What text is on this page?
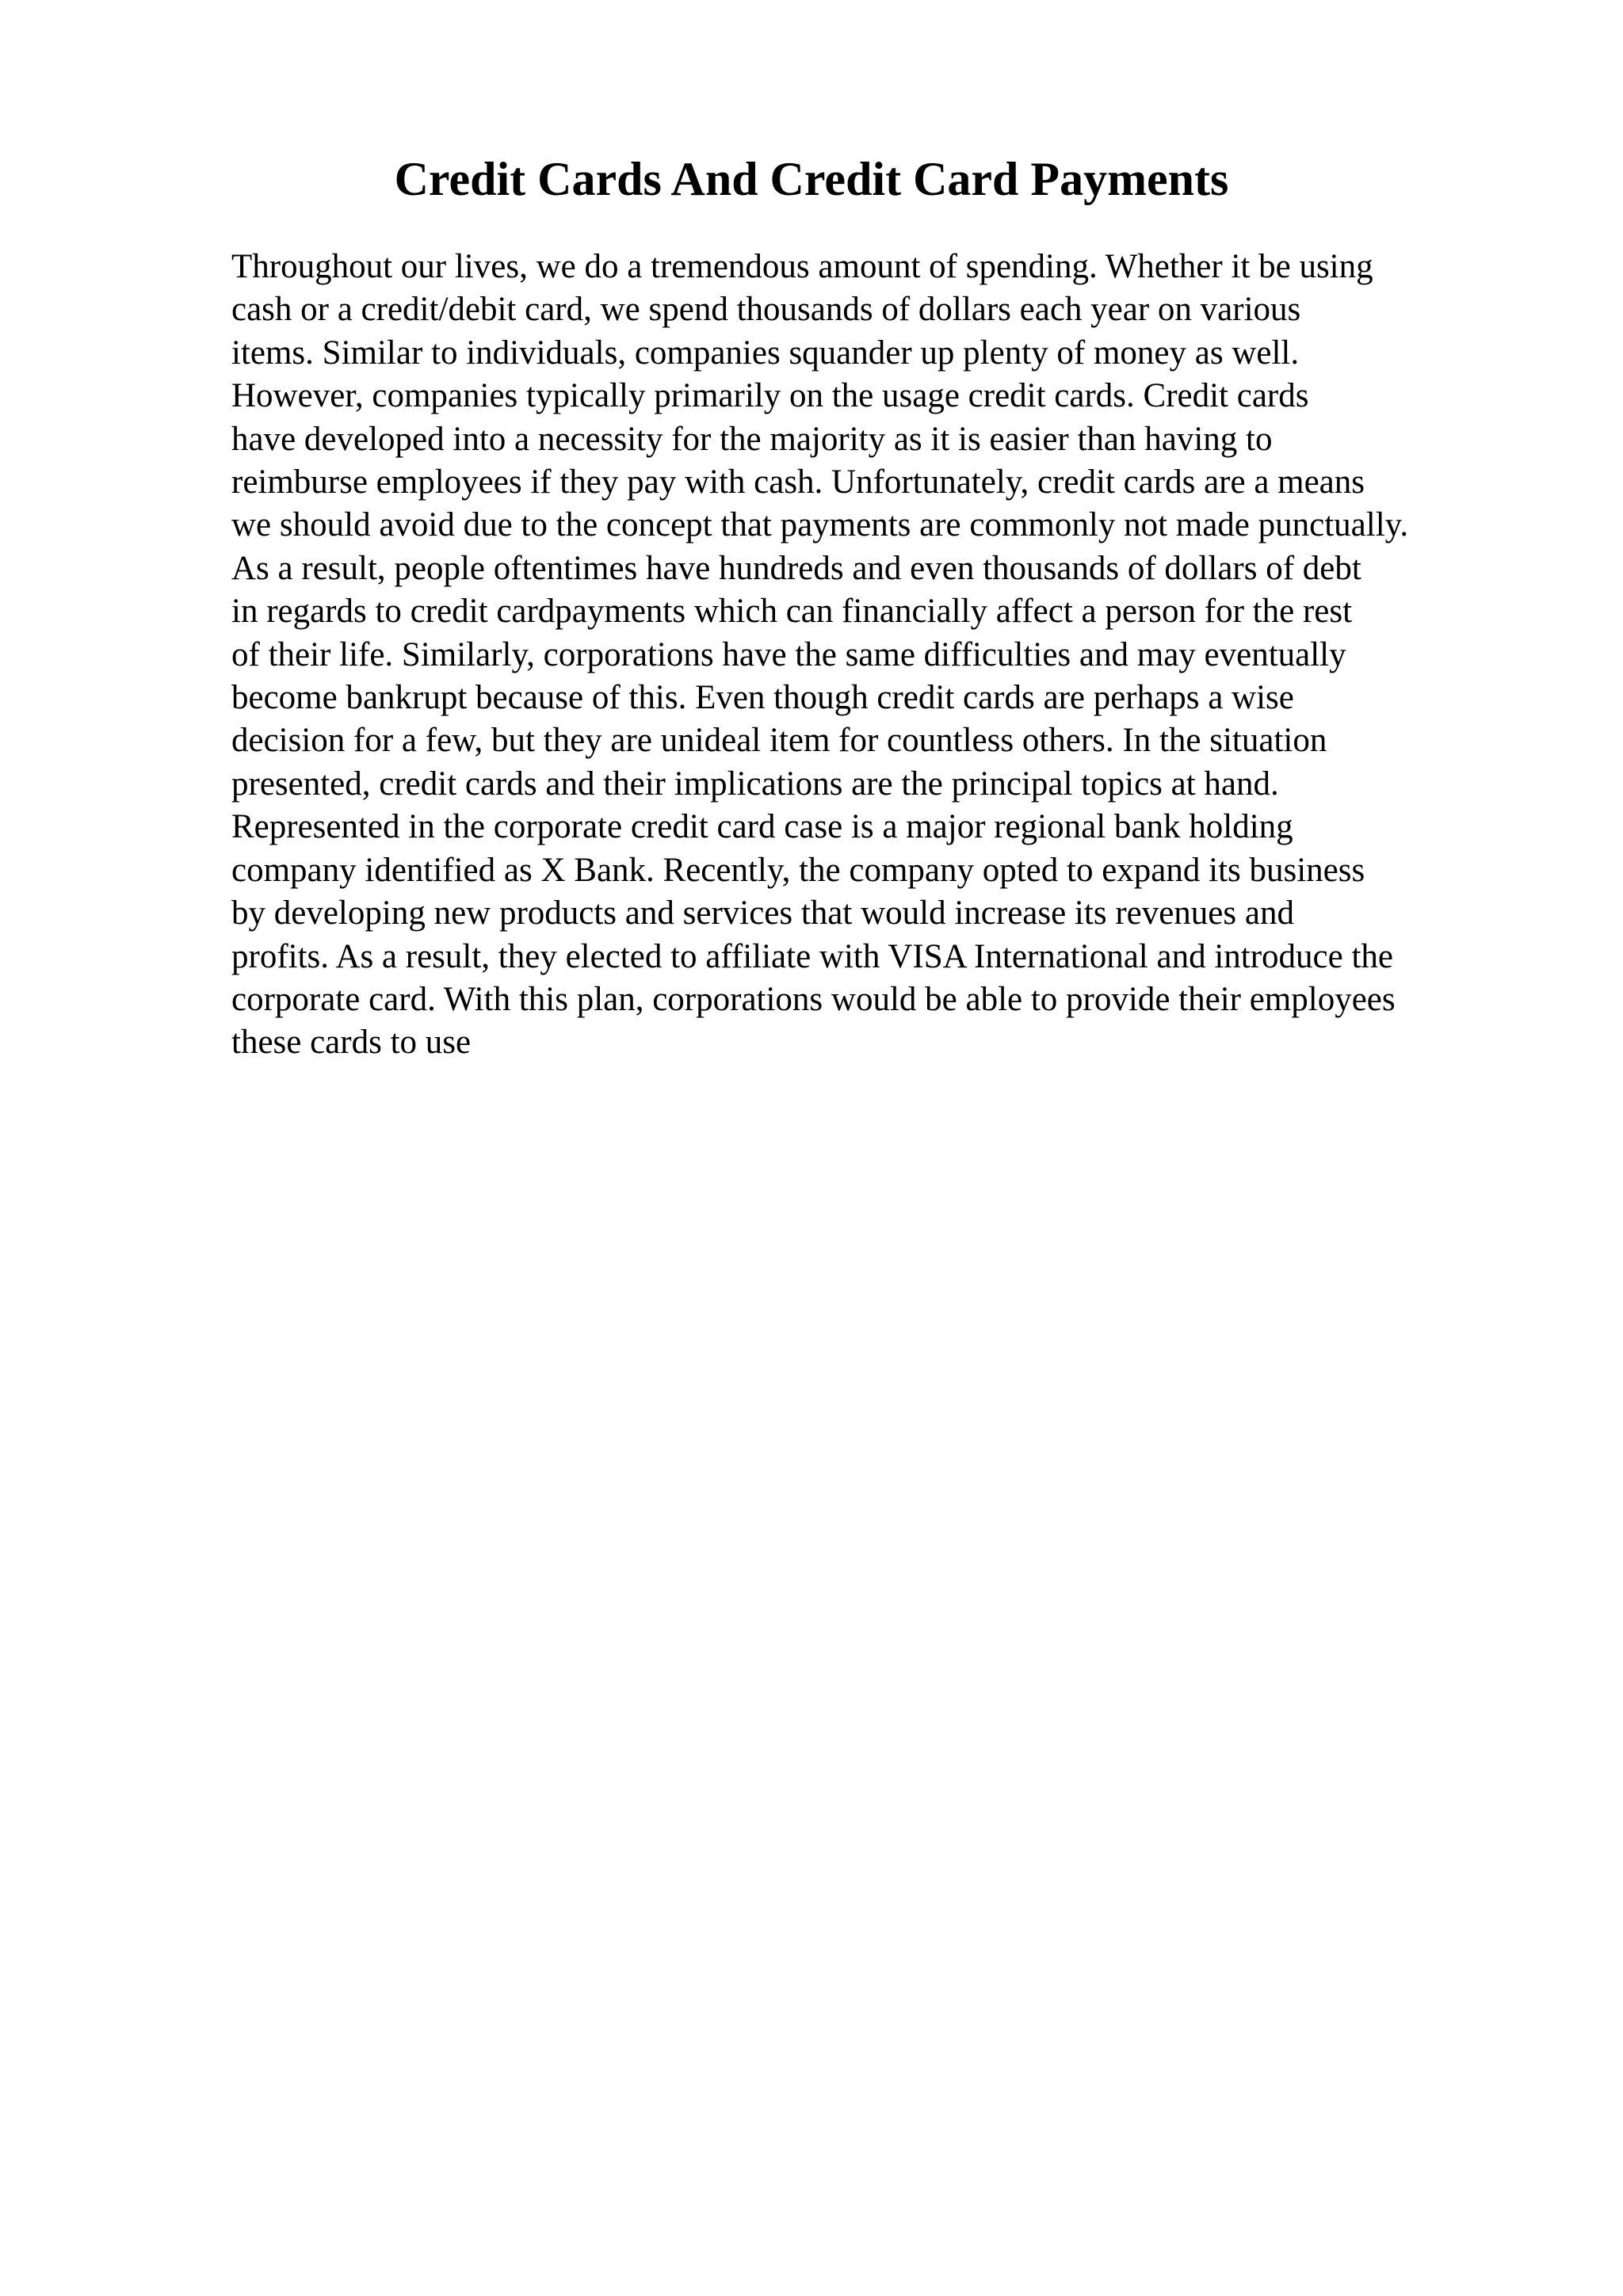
Credit Cards And Credit Card Payments
Throughout our lives, we do a tremendous amount of spending. Whether it be using
cash or a credit/debit card, we spend thousands of dollars each year on various
items. Similar to individuals, companies squander up plenty of money as well.
However, companies typically primarily on the usage credit cards. Credit cards
have developed into a necessity for the majority as it is easier than having to
reimburse employees if they pay with cash. Unfortunately, credit cards are a means
we should avoid due to the concept that payments are commonly not made punctually.
As a result, people oftentimes have hundreds and even thousands of dollars of debt
in regards to credit cardpayments which can financially affect a person for the rest
of their life. Similarly, corporations have the same difficulties and may eventually
become bankrupt because of this. Even though credit cards are perhaps a wise
decision for a few, but they are unideal item for countless others. In the situation
presented, credit cards and their implications are the principal topics at hand.
Represented in the corporate credit card case is a major regional bank holding
company identified as X Bank. Recently, the company opted to expand its business
by developing new products and services that would increase its revenues and
profits. As a result, they elected to affiliate with VISA International and introduce the
corporate card. With this plan, corporations would be able to provide their employees
these cards to use
